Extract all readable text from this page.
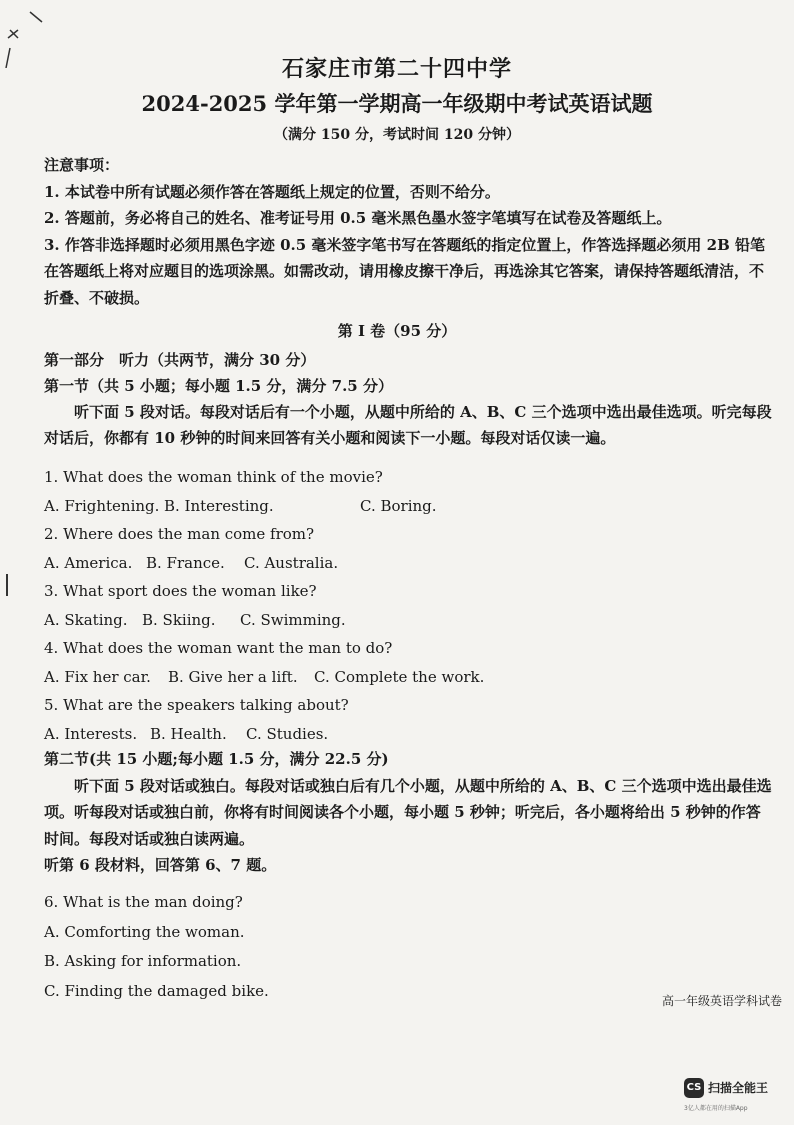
石家庄市第二十四中学
2024-2025 学年第一学期高一年级期中考试英语试题
（满分 150 分，考试时间 120 分钟）

注意事项：

1. 本试卷中所有试题必须作答在答题纸上规定的位置，否则不给分。

2. 答题前，务必将自己的姓名、准考证号用 0.5 毫米黑色墨水签字笔填写在试卷及答题纸上。

3. 作答非选择题时必须用黑色字迹 0.5 毫米签字笔书写在答题纸的指定位置上，作答选择题必须用 2B 铅笔在答题纸上将对应题目的选项涂黑。如需改动，请用橡皮擦干净后，再选涂其它答案，请保持答题纸清洁，不折叠、不破损。

第 I 卷（95 分）

第一部分　听力（共两节，满分 30 分）

第一节（共 5 小题；每小题 1.5 分，满分 7.5 分）

听下面 5 段对话。每段对话后有一个小题，从题中所给的 A、B、C 三个选项中选出最佳选项。听完每段对话后，你都有 10 秒钟的时间来回答有关小题和阅读下一小题。每段对话仅读一遍。

1. What does the woman think of the movie?

A. Frightening. B. Interesting.	C. Boring.

2. Where does the man come from?

A. America. B. France. C. Australia.

3. What sport does the woman like?

A. Skating. B. Skiing. C. Swimming.

4. What does the woman want the man to do?

A. Fix her car. B. Give her a lift. C. Complete the work.

5. What are the speakers talking about?

A. Interests. B. Health. C. Studies.

第二节(共 15 小题;每小题 1.5 分，满分 22.5 分)

听下面 5 段对话或独白。每段对话或独白后有几个小题，从题中所给的 A、B、C 三个选项中选出最佳选项。听每段对话或独白前，你将有时间阅读各个小题，每小题 5 秒钟；听完后，各小题将给出 5 秒钟的作答时间。每段对话或独白读两遍。

听第 6 段材料，回答第 6、7 题。

6. What is the man doing?

A. Comforting the woman.

B. Asking for information.

C. Finding the damaged bike.

高一年级英语学科试卷
CS 扫描全能王
3亿人都在用的扫描App
